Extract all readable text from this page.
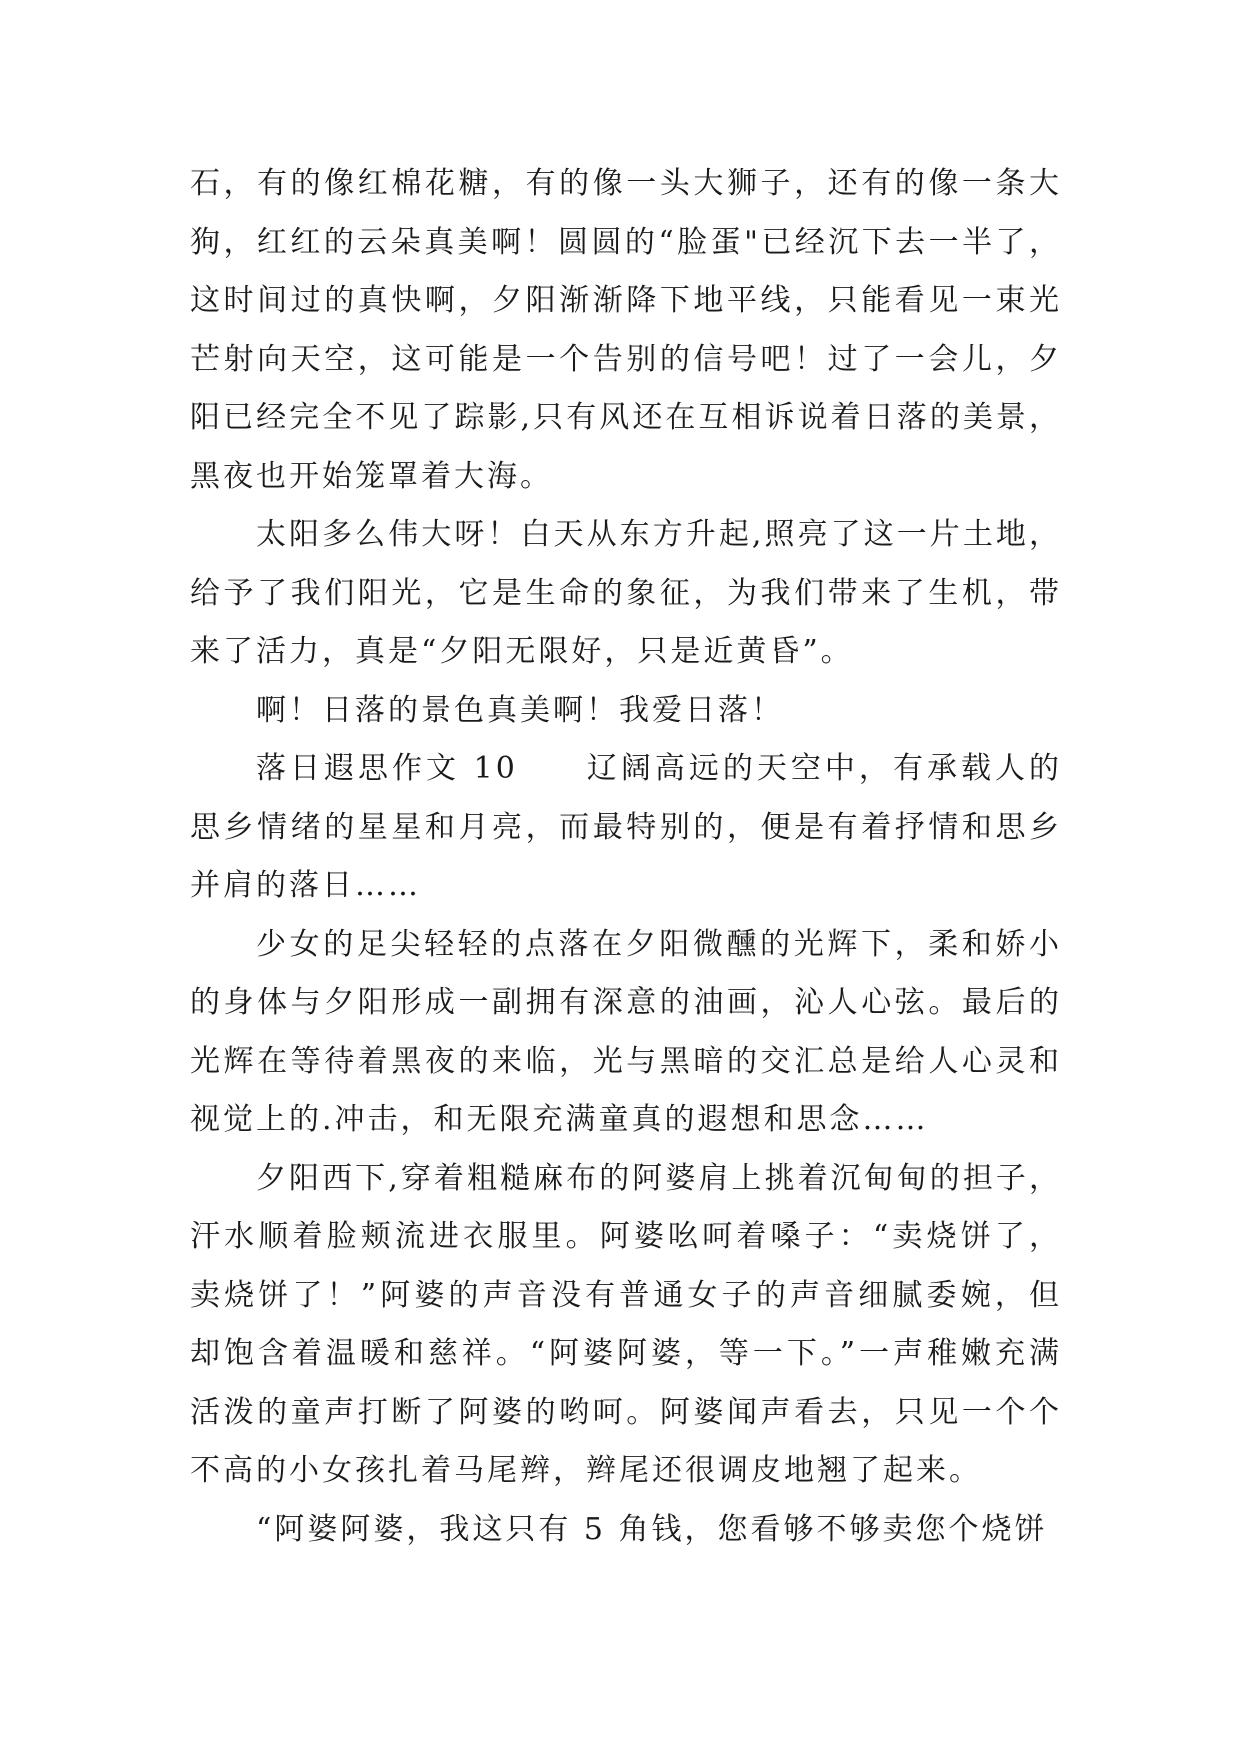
石，有的像红棉花糖，有的像一头大狮子，还有的像一条大狗，红红的云朵真美啊！圆圆的“脸蛋"已经沉下去一半了，这时间过的真快啊，夕阳渐渐降下地平线，只能看见一束光芒射向天空，这可能是一个告别的信号吧！过了一会儿，夕阳已经完全不见了踪影,只有风还在互相诉说着日落的美景，黑夜也开始笼罩着大海。

太阳多么伟大呀！白天从东方升起,照亮了这一片土地，给予了我们阳光，它是生命的象征，为我们带来了生机，带来了活力，真是“夕阳无限好，只是近黄昏”。

啊！日落的景色真美啊！我爱日落！

落日遐思作文 10　　辽阔高远的天空中，有承载人的思乡情绪的星星和月亮，而最特别的，便是有着抒情和思乡并肩的落日……

少女的足尖轻轻的点落在夕阳微醺的光辉下，柔和娇小的身体与夕阳形成一副拥有深意的油画，沁人心弦。最后的光辉在等待着黑夜的来临，光与黑暗的交汇总是给人心灵和视觉上的.冲击，和无限充满童真的遐想和思念……

夕阳西下,穿着粗糙麻布的阿婆肩上挑着沉甸甸的担子，汗水顺着脸颊流进衣服里。阿婆吆呵着嗓子：“卖烧饼了，卖烧饼了！”阿婆的声音没有普通女子的声音细腻委婉，但却饱含着温暖和慈祥。“阿婆阿婆，等一下。”一声稚嫩充满活泼的童声打断了阿婆的哟呵。阿婆闻声看去，只见一个个不高的小女孩扎着马尾辫，辫尾还很调皮地翘了起来。

“阿婆阿婆，我这只有 5 角钱，您看够不够卖您个烧饼
